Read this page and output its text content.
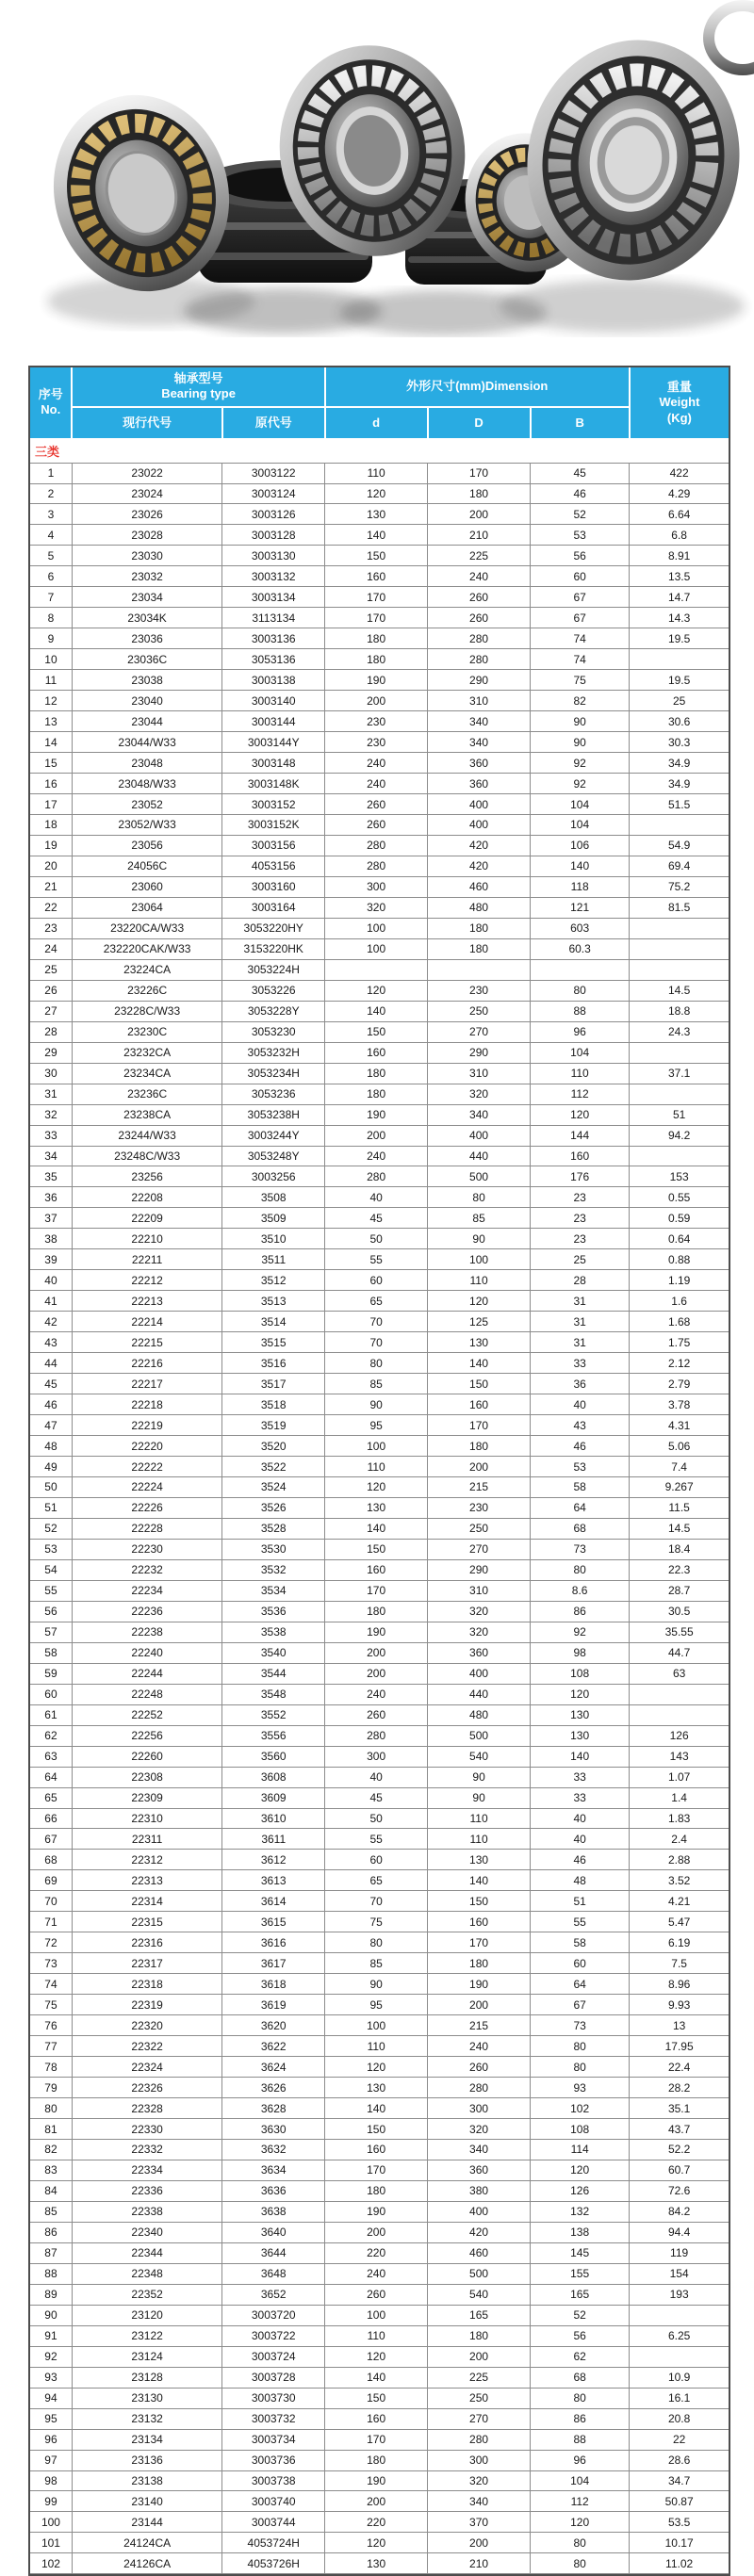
序号
No.	轴承型号
Bearing type		外形尺寸(mm)Dimension			重量
Weight
(Kg)

	现行代号	原代号	d	D	B	
三类						
1	23022	3003122	110	170	45	422
2	23024	3003124	120	180	46	4.29
3	23026	3003126	130	200	52	6.64
4	23028	3003128	140	210	53	6.8
5	23030	3003130	150	225	56	8.91
6	23032	3003132	160	240	60	13.5
7	23034	3003134	170	260	67	14.7
8	23034K	3113134	170	260	67	14.3
9	23036	3003136	180	280	74	19.5
10	23036C	3053136	180	280	74	
11	23038	3003138	190	290	75	19.5
12	23040	3003140	200	310	82	25
13	23044	3003144	230	340	90	30.6
14	23044/W33	3003144Y	230	340	90	30.3
15	23048	3003148	240	360	92	34.9
16	23048/W33	3003148K	240	360	92	34.9
17	23052	3003152	260	400	104	51.5
18	23052/W33	3003152K	260	400	104	
19	23056	3003156	280	420	106	54.9
20	24056C	4053156	280	420	140	69.4
21	23060	3003160	300	460	118	75.2
22	23064	3003164	320	480	121	81.5
23	23220CA/W33	3053220HY	100	180	603	
24	232220CAK/W33	3153220HK	100	180	60.3	
25	23224CA	3053224H				
26	23226C	3053226	120	230	80	14.5
27	23228C/W33	3053228Y	140	250	88	18.8
28	23230C	3053230	150	270	96	24.3
29	23232CA	3053232H	160	290	104	
30	23234CA	3053234H	180	310	110	37.1
31	23236C	3053236	180	320	112	
32	23238CA	3053238H	190	340	120	51
33	23244/W33	3003244Y	200	400	144	94.2
34	23248C/W33	3053248Y	240	440	160	
35	23256	3003256	280	500	176	153
36	22208	3508	40	80	23	0.55
37	22209	3509	45	85	23	0.59
38	22210	3510	50	90	23	0.64
39	22211	3511	55	100	25	0.88
40	22212	3512	60	110	28	1.19
41	22213	3513	65	120	31	1.6
42	22214	3514	70	125	31	1.68
43	22215	3515	70	130	31	1.75
44	22216	3516	80	140	33	2.12
45	22217	3517	85	150	36	2.79
46	22218	3518	90	160	40	3.78
47	22219	3519	95	170	43	4.31
48	22220	3520	100	180	46	5.06
49	22222	3522	110	200	53	7.4
50	22224	3524	120	215	58	9.267
51	22226	3526	130	230	64	11.5
52	22228	3528	140	250	68	14.5
53	22230	3530	150	270	73	18.4
54	22232	3532	160	290	80	22.3
55	22234	3534	170	310	8.6	28.7
56	22236	3536	180	320	86	30.5
57	22238	3538	190	320	92	35.55
58	22240	3540	200	360	98	44.7
59	22244	3544	200	400	108	63
60	22248	3548	240	440	120	
61	22252	3552	260	480	130	
62	22256	3556	280	500	130	126
63	22260	3560	300	540	140	143
64	22308	3608	40	90	33	1.07
65	22309	3609	45	90	33	1.4
66	22310	3610	50	110	40	1.83
67	22311	3611	55	110	40	2.4
68	22312	3612	60	130	46	2.88
69	22313	3613	65	140	48	3.52
70	22314	3614	70	150	51	4.21
71	22315	3615	75	160	55	5.47
72	22316	3616	80	170	58	6.19
73	22317	3617	85	180	60	7.5
74	22318	3618	90	190	64	8.96
75	22319	3619	95	200	67	9.93
76	22320	3620	100	215	73	13
77	22322	3622	110	240	80	17.95
78	22324	3624	120	260	80	22.4
79	22326	3626	130	280	93	28.2
80	22328	3628	140	300	102	35.1
81	22330	3630	150	320	108	43.7
82	22332	3632	160	340	114	52.2
83	22334	3634	170	360	120	60.7
84	22336	3636	180	380	126	72.6
85	22338	3638	190	400	132	84.2
86	22340	3640	200	420	138	94.4
87	22344	3644	220	460	145	119
88	22348	3648	240	500	155	154
89	22352	3652	260	540	165	193
90	23120	3003720	100	165	52	
91	23122	3003722	110	180	56	6.25
92	23124	3003724	120	200	62	
93	23128	3003728	140	225	68	10.9
94	23130	3003730	150	250	80	16.1
95	23132	3003732	160	270	86	20.8
96	23134	3003734	170	280	88	22
97	23136	3003736	180	300	96	28.6
98	23138	3003738	190	320	104	34.7
99	23140	3003740	200	340	112	50.87
100	23144	3003744	220	370	120	53.5
101	24124CA	4053724H	120	200	80	10.17
102	24126CA	4053726H	130	210	80	11.02
